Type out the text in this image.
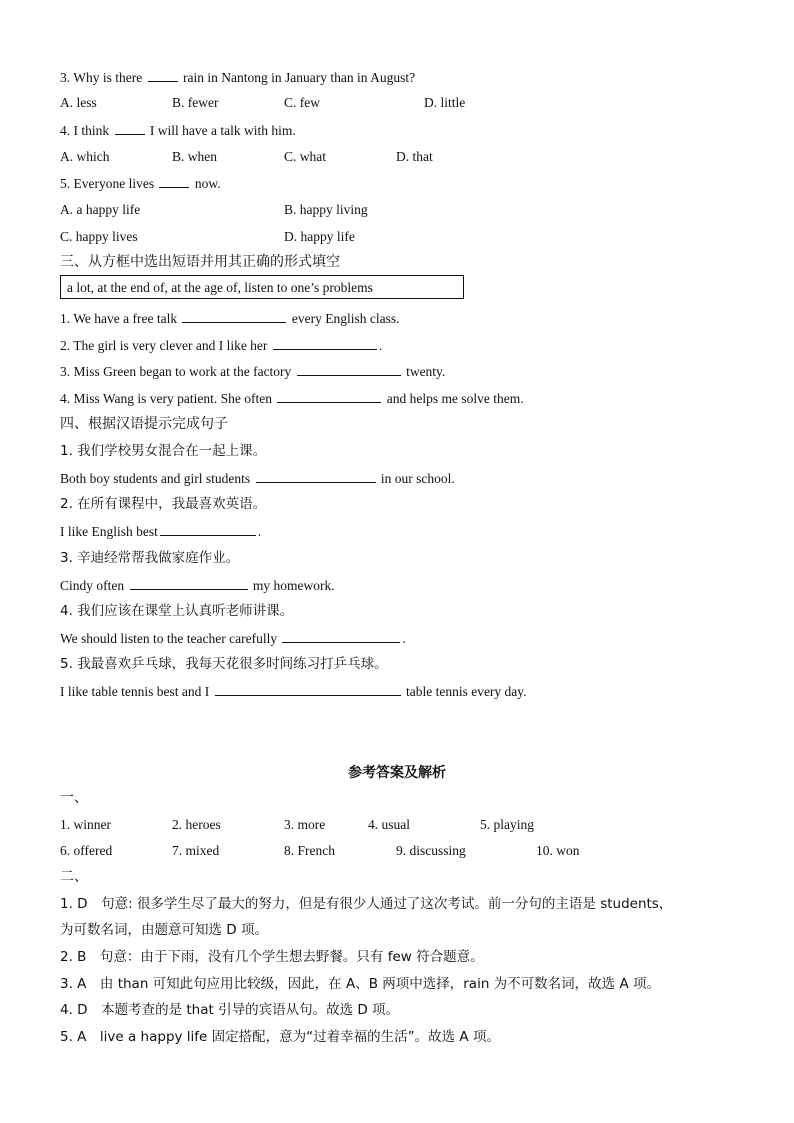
3. Why is there	rain in Nantong in January than in August?
A. less	B. fewer	C. few	D. little
4. I think	I will have a talk with him.
A. which	B. when	C. what	D. that
5. Everyone lives	now.
A. a happy life	B. happy living
C. happy lives	D. happy life
三、从方框中选出短语并用其正确的形式填空
a lot, at the end of, at the age of, listen to one’s problems
1. We have a free talk	every English class.
2. The girl is very clever and I like her	.
3. Miss Green began to work at the factory	twenty.
4. Miss Wang is very patient. She often	and helps me solve them.
四、根据汉语提示完成句子
1. 我们学校男女混合在一起上课。
Both boy students and girl students	in our school.
2. 在所有课程中，我最喜欢英语。
I like English best	.
3. 辛迪经常帮我做家庭作业。
Cindy often	my homework.
4. 我们应该在课堂上认真听老师讲课。
We should listen to the teacher carefully	.
5. 我最喜欢乒乓球，我每天花很多时间练习打乒乓球。
I like table tennis best and I	table tennis every day.
参考答案及解析
一、
1. winner	2. heroes	3. more	4. usual	5. playing
6. offered	7. mixed	8. French	9. discussing	10. won
二、
1. D　句意: 很多学生尽了最大的努力，但是有很少人通过了这次考试。前一分句的主语是 students，
为可数名词，由题意可知选 D 项。
2. B　句意：由于下雨，没有几个学生想去野餐。只有 few 符合题意。
3. A　由 than 可知此句应用比较级，因此，在 A、B 两项中选择，rain 为不可数名词，故选 A 项。
4. D　本题考查的是 that 引导的宾语从句。故选 D 项。
5. A　live a happy life 固定搭配，意为“过着幸福的生活”。故选 A 项。
